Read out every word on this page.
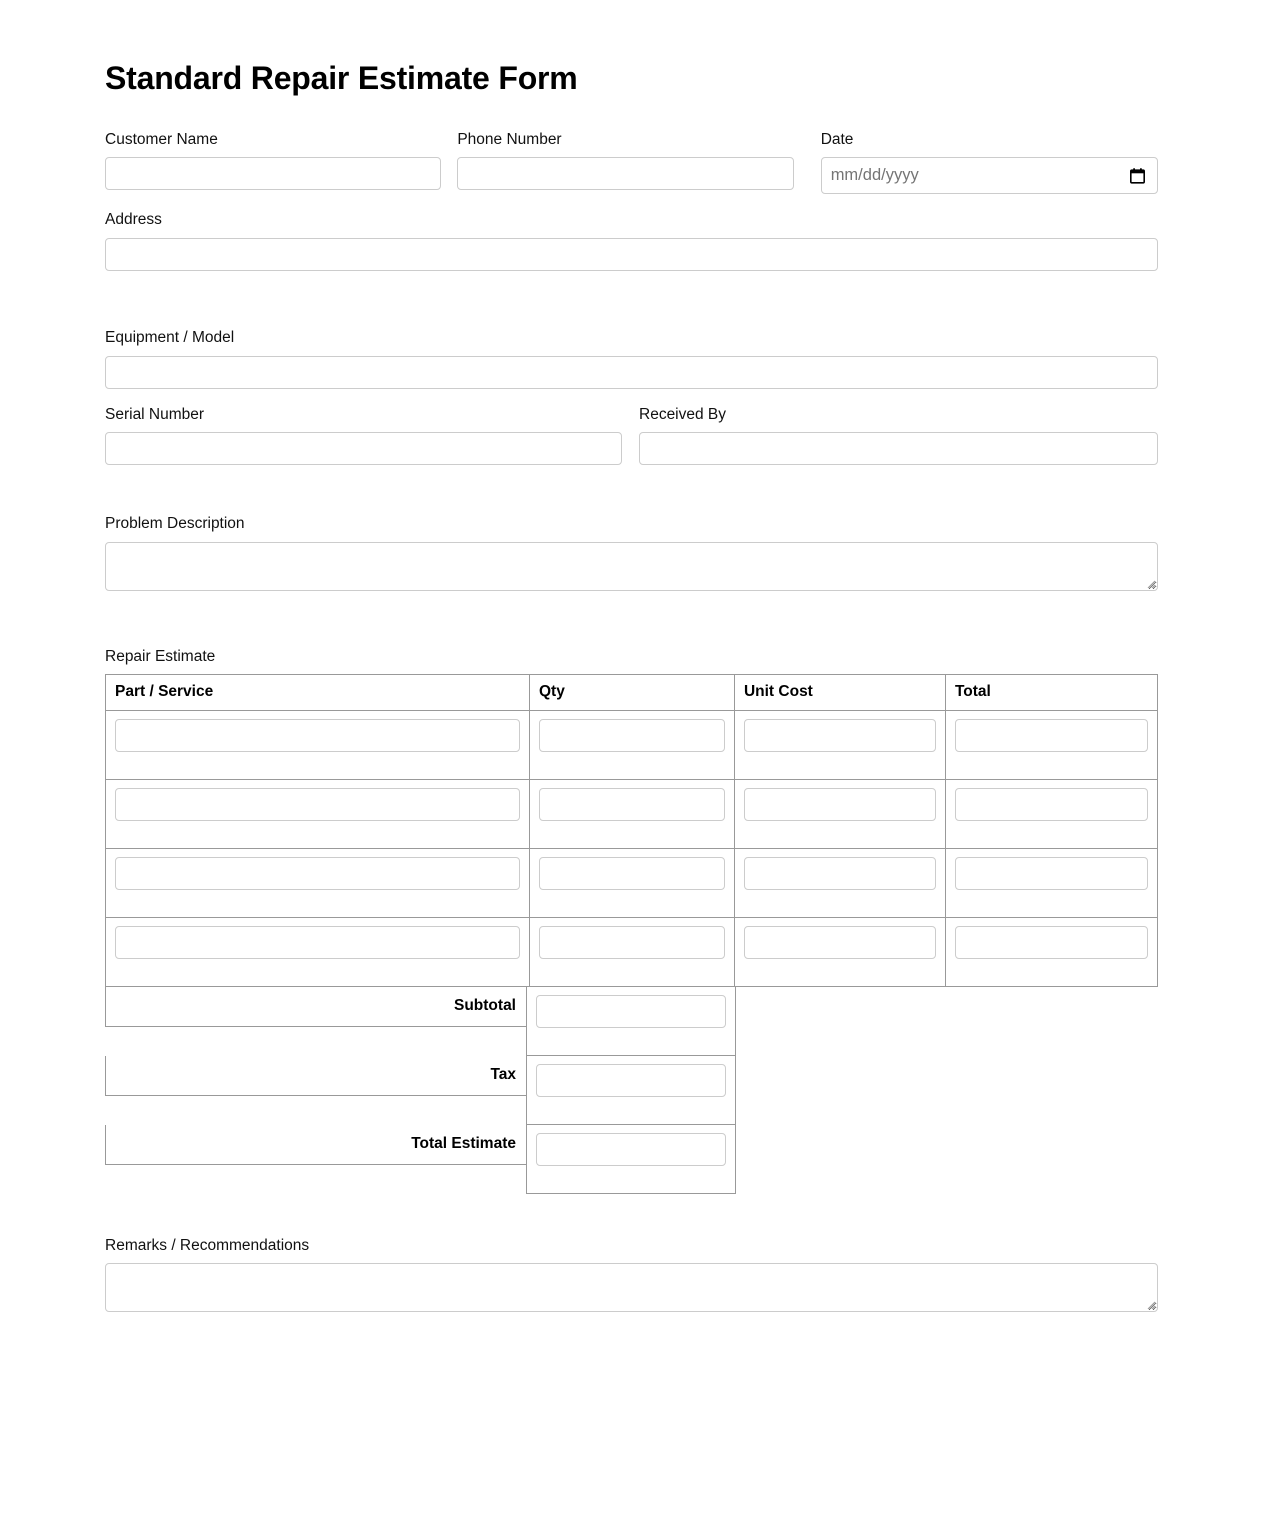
Standard Repair Estimate Form
Customer Name	Phone Number	Date
mm/dd/yyyy
Address
Equipment / Model
Serial Number	Received By
Problem Description
Repair Estimate
Part / Service	Qty	Unit Cost	Total

Subtotal
Tax
Total Estimate
Remarks / Recommendations
